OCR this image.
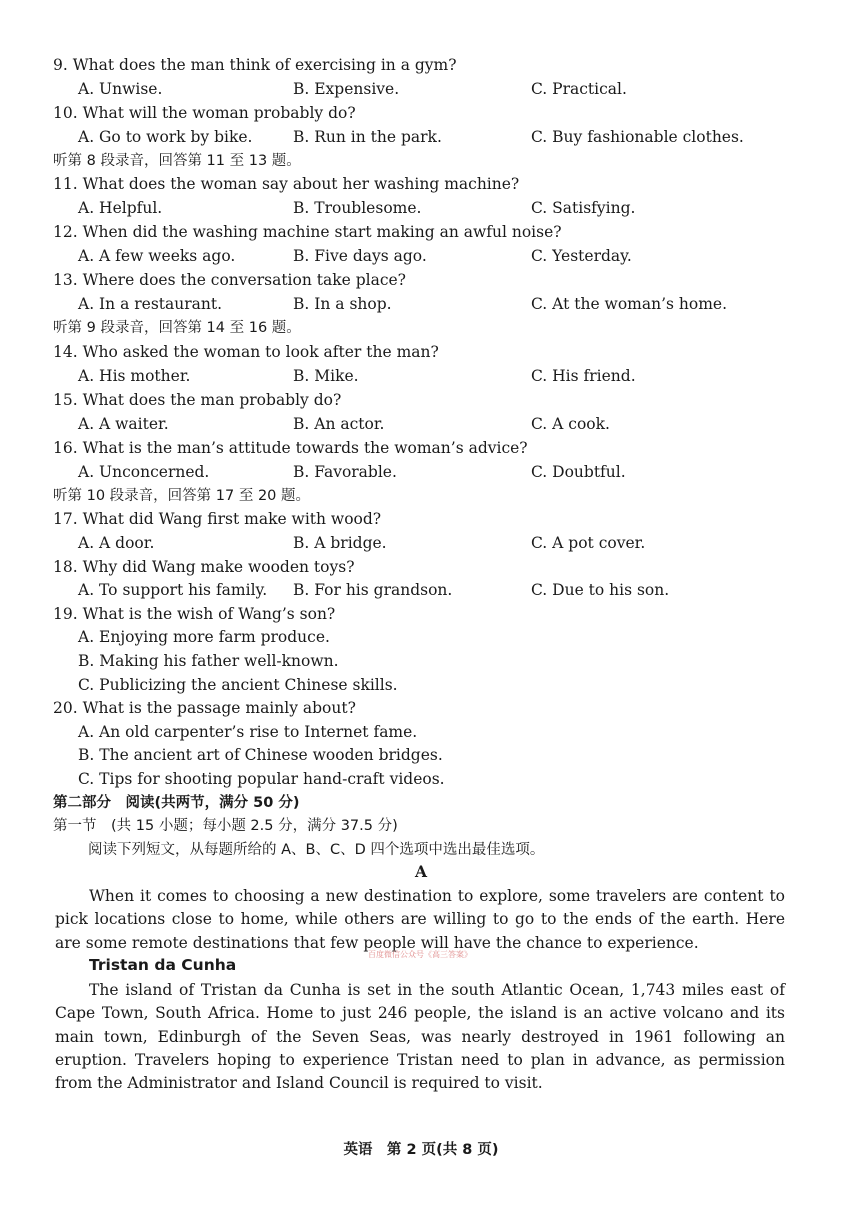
9. What does the man think of exercising in a gym?
A. Unwise.	B. Expensive.	C. Practical.
10. What will the woman probably do?
A. Go to work by bike.	B. Run in the park.	C. Buy fashionable clothes.
听第 8 段录音，回答第 11 至 13 题。
11. What does the woman say about her washing machine?
A. Helpful.	B. Troublesome.	C. Satisfying.
12. When did the washing machine start making an awful noise?
A. A few weeks ago.	B. Five days ago.	C. Yesterday.
13. Where does the conversation take place?
A. In a restaurant.	B. In a shop.	C. At the woman’s home.
听第 9 段录音，回答第 14 至 16 题。
14. Who asked the woman to look after the man?
A. His mother.	B. Mike.	C. His friend.
15. What does the man probably do?
A. A waiter.	B. An actor.	C. A cook.
16. What is the man’s attitude towards the woman’s advice?
A. Unconcerned.	B. Favorable.	C. Doubtful.
听第 10 段录音，回答第 17 至 20 题。
17. What did Wang first make with wood?
A. A door.	B. A bridge.	C. A pot cover.
18. Why did Wang make wooden toys?
A. To support his family. B. For his grandson.	C. Due to his son.
19. What is the wish of Wang’s son?
A. Enjoying more farm produce.
B. Making his father well-known.
C. Publicizing the ancient Chinese skills.
20. What is the passage mainly about?
A. An old carpenter’s rise to Internet fame.
B. The ancient art of Chinese wooden bridges.
C. Tips for shooting popular hand-craft videos.
第二部分　阅读(共两节，满分 50 分)
第一节　(共 15 小题；每小题 2.5 分，满分 37.5 分)
阅读下列短文，从每题所给的 A、B、C、D 四个选项中选出最佳选项。
A
When it comes to choosing a new destination to explore, some travelers are content to pick locations close to home, while others are willing to go to the ends of the earth. Here are some remote destinations that few people will have the chance to experience.
Tristan da Cunha
百度微信公众号《高三答案》
The island of Tristan da Cunha is set in the south Atlantic Ocean, 1,743 miles east of Cape Town, South Africa. Home to just 246 people, the island is an active volcano and its main town, Edinburgh of the Seven Seas, was nearly destroyed in 1961 following an eruption. Travelers hoping to experience Tristan need to plan in advance, as permission from the Administrator and Island Council is required to visit.
英语　第 2 页(共 8 页)
